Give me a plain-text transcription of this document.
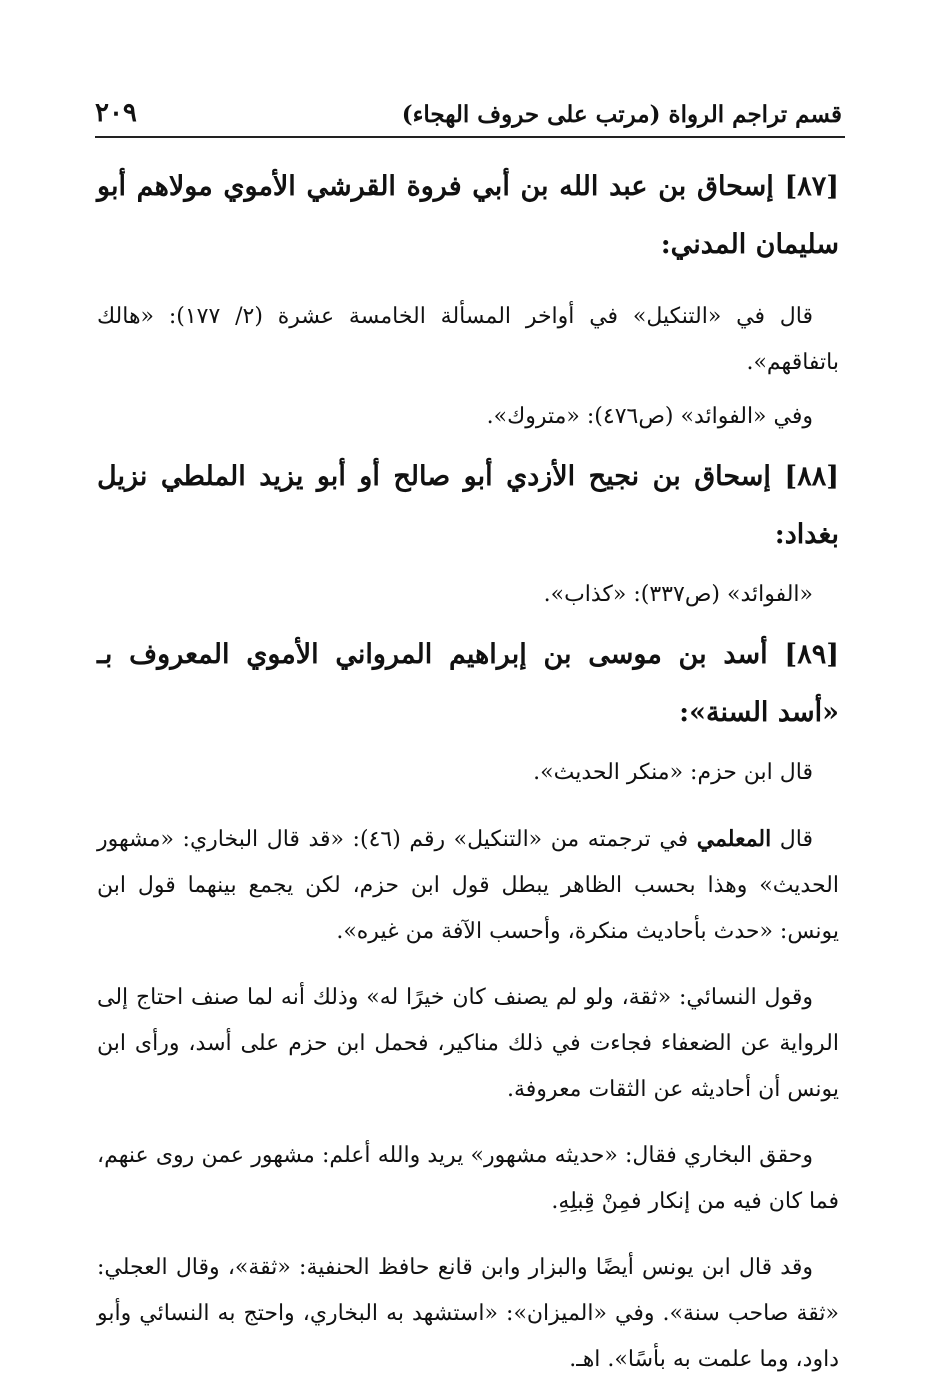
قسم تراجم الرواة (مرتب على حروف الهجاء)
٢٠٩
[٨٧] إسحاق بن عبد الله بن أبي فروة القرشي الأموي مولاهم أبو سليمان المدني:

قال في «التنكيل» في أواخر المسألة الخامسة عشرة (٢/ ١٧٧): «هالك باتفاقهم».

وفي «الفوائد» (ص٤٧٦): «متروك».

[٨٨] إسحاق بن نجيح الأزدي أبو صالح أو أبو يزيد الملطي نزيل بغداد:

«الفوائد» (ص٣٣٧): «كذاب».

[٨٩] أسد بن موسى بن إبراهيم المرواني الأموي المعروف بـ «أسد السنة»:

قال ابن حزم: «منكر الحديث».

قال المعلمي في ترجمته من «التنكيل» رقم (٤٦): «قد قال البخاري: «مشهور الحديث» وهذا بحسب الظاهر يبطل قول ابن حزم، لكن يجمع بينهما قول ابن يونس: «حدث بأحاديث منكرة، وأحسب الآفة من غيره».

وقول النسائي: «ثقة، ولو لم يصنف كان خيرًا له» وذلك أنه لما صنف احتاج إلى الرواية عن الضعفاء فجاءت في ذلك مناكير، فحمل ابن حزم على أسد، ورأى ابن يونس أن أحاديثه عن الثقات معروفة.

وحقق البخاري فقال: «حديثه مشهور» يريد والله أعلم: مشهور عمن روى عنهم، فما كان فيه من إنكار فمِنْ قِبلِهِ.

وقد قال ابن يونس أيضًا والبزار وابن قانع حافظ الحنفية: «ثقة»، وقال العجلي: «ثقة صاحب سنة». وفي «الميزان»: «استشهد به البخاري، واحتج به النسائي وأبو داود، وما علمت به بأسًا». اهـ.
